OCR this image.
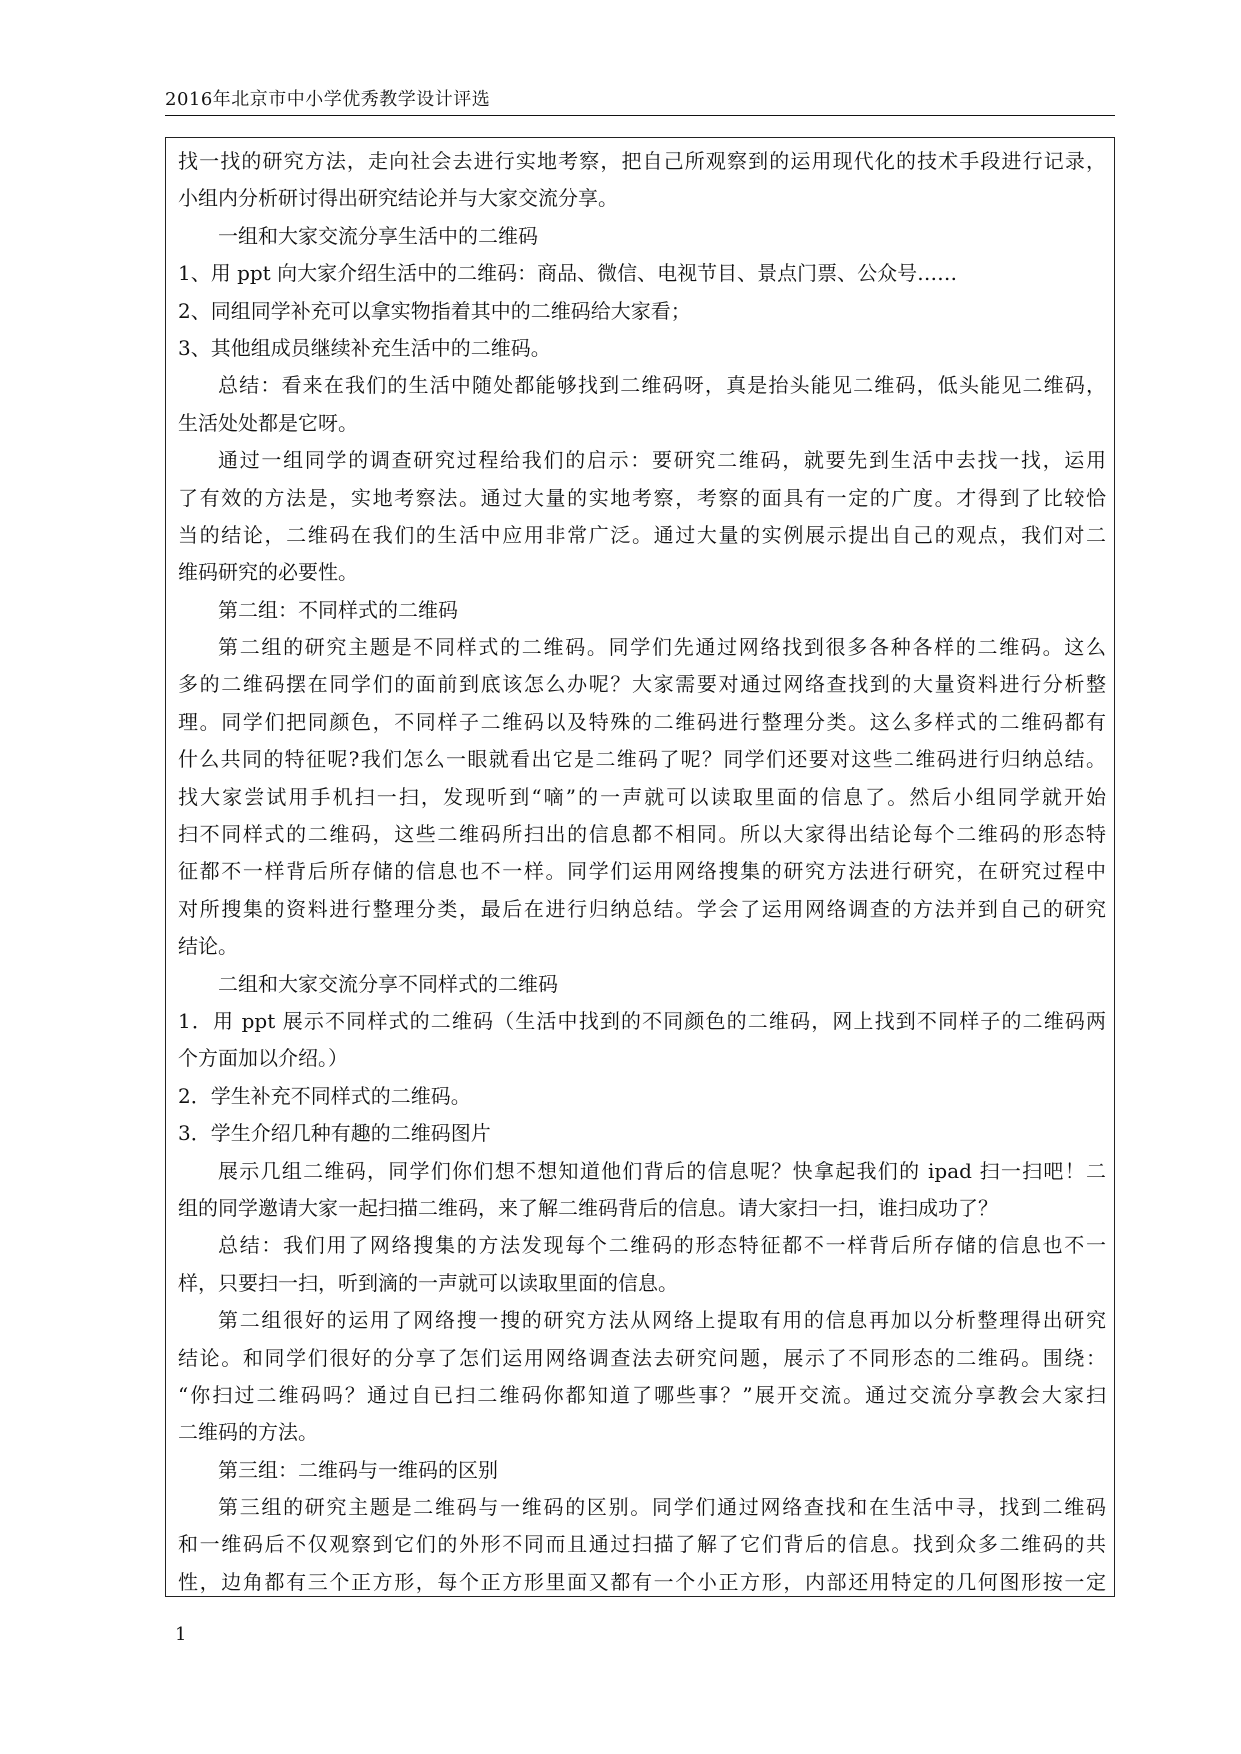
2016年北京市中小学优秀教学设计评选
找一找的研究方法，走向社会去进行实地考察，把自己所观察到的运用现代化的技术手段进行记录，
小组内分析研讨得出研究结论并与大家交流分享。
一组和大家交流分享生活中的二维码
1、用 ppt 向大家介绍生活中的二维码：商品、微信、电视节目、景点门票、公众号……
2、同组同学补充可以拿实物指着其中的二维码给大家看；
3、其他组成员继续补充生活中的二维码。
总结：看来在我们的生活中随处都能够找到二维码呀，真是抬头能见二维码，低头能见二维码，
生活处处都是它呀。
通过一组同学的调查研究过程给我们的启示：要研究二维码，就要先到生活中去找一找，运用
了有效的方法是，实地考察法。通过大量的实地考察，考察的面具有一定的广度。才得到了比较恰
当的结论，二维码在我们的生活中应用非常广泛。通过大量的实例展示提出自己的观点，我们对二
维码研究的必要性。
第二组：不同样式的二维码
第二组的研究主题是不同样式的二维码。同学们先通过网络找到很多各种各样的二维码。这么
多的二维码摆在同学们的面前到底该怎么办呢？大家需要对通过网络查找到的大量资料进行分析整
理。同学们把同颜色，不同样子二维码以及特殊的二维码进行整理分类。这么多样式的二维码都有
什么共同的特征呢?我们怎么一眼就看出它是二维码了呢？同学们还要对这些二维码进行归纳总结。
找大家尝试用手机扫一扫，发现听到“嘀”的一声就可以读取里面的信息了。然后小组同学就开始
扫不同样式的二维码，这些二维码所扫出的信息都不相同。所以大家得出结论每个二维码的形态特
征都不一样背后所存储的信息也不一样。同学们运用网络搜集的研究方法进行研究，在研究过程中
对所搜集的资料进行整理分类，最后在进行归纳总结。学会了运用网络调查的方法并到自己的研究
结论。
二组和大家交流分享不同样式的二维码
1．用 ppt 展示不同样式的二维码（生活中找到的不同颜色的二维码，网上找到不同样子的二维码两
个方面加以介绍。）
2．学生补充不同样式的二维码。
3．学生介绍几种有趣的二维码图片
展示几组二维码，同学们你们想不想知道他们背后的信息呢？快拿起我们的 ipad 扫一扫吧！二
组的同学邀请大家一起扫描二维码，来了解二维码背后的信息。请大家扫一扫，谁扫成功了？
总结：我们用了网络搜集的方法发现每个二维码的形态特征都不一样背后所存储的信息也不一
样，只要扫一扫，听到滴的一声就可以读取里面的信息。
第二组很好的运用了网络搜一搜的研究方法从网络上提取有用的信息再加以分析整理得出研究
结论。和同学们很好的分享了怎们运用网络调查法去研究问题，展示了不同形态的二维码。围绕：
“你扫过二维码吗？通过自已扫二维码你都知道了哪些事？”展开交流。通过交流分享教会大家扫
二维码的方法。
第三组：二维码与一维码的区别
第三组的研究主题是二维码与一维码的区别。同学们通过网络查找和在生活中寻，找到二维码
和一维码后不仅观察到它们的外形不同而且通过扫描了解了它们背后的信息。找到众多二维码的共
性，边角都有三个正方形，每个正方形里面又都有一个小正方形，内部还用特定的几何图形按一定
1
